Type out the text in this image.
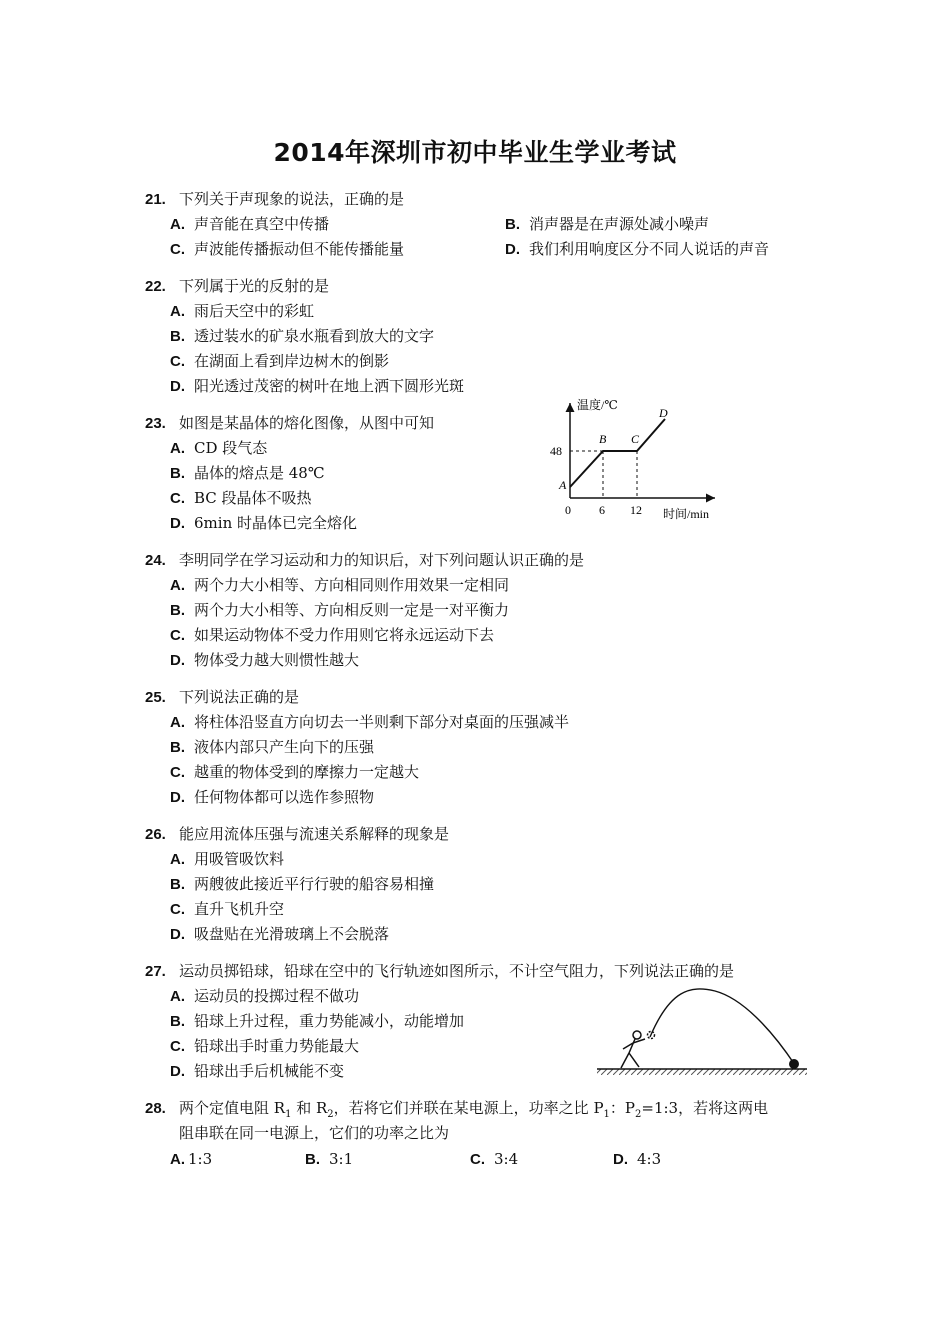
2014年深圳市初中毕业生学业考试
21. 下列关于声现象的说法，正确的是
A. 声音能在真空中传播	B. 消声器是在声源处减小噪声
C. 声波能传播振动但不能传播能量	D. 我们利用响度区分不同人说话的声音
22. 下列属于光的反射的是
A. 雨后天空中的彩虹
B. 透过装水的矿泉水瓶看到放大的文字
C. 在湖面上看到岸边树木的倒影
D. 阳光透过茂密的树叶在地上洒下圆形光斑
23. 如图是某晶体的熔化图像，从图中可知
A. CD 段气态
B. 晶体的熔点是 48℃
C. BC 段晶体不吸热
D. 6min 时晶体已完全熔化
温度/℃
时间/min
48
0 6 12
A
B C
D
24. 李明同学在学习运动和力的知识后，对下列问题认识正确的是
A. 两个力大小相等、方向相同则作用效果一定相同
B. 两个力大小相等、方向相反则一定是一对平衡力
C. 如果运动物体不受力作用则它将永远运动下去
D. 物体受力越大则惯性越大
25. 下列说法正确的是
A. 将柱体沿竖直方向切去一半则剩下部分对桌面的压强减半
B. 液体内部只产生向下的压强
C. 越重的物体受到的摩擦力一定越大
D. 任何物体都可以选作参照物
26. 能应用流体压强与流速关系解释的现象是
A. 用吸管吸饮料
B. 两艘彼此接近平行行驶的船容易相撞
C. 直升飞机升空
D. 吸盘贴在光滑玻璃上不会脱落
27. 运动员掷铅球，铅球在空中的飞行轨迹如图所示，不计空气阻力，下列说法正确的是
A. 运动员的投掷过程不做功
B. 铅球上升过程，重力势能减小，动能增加
C. 铅球出手时重力势能最大
D. 铅球出手后机械能不变
28. 两个定值电阻 $R_1$ 和 $R_2$，若将它们并联在某电源上，功率之比 $P_1$：$P_2=1:3$，若将这两电
阻串联在同一电源上，它们的功率之比为
A. 1:3	B. 3:1	C. 3:4	D. 4:3
